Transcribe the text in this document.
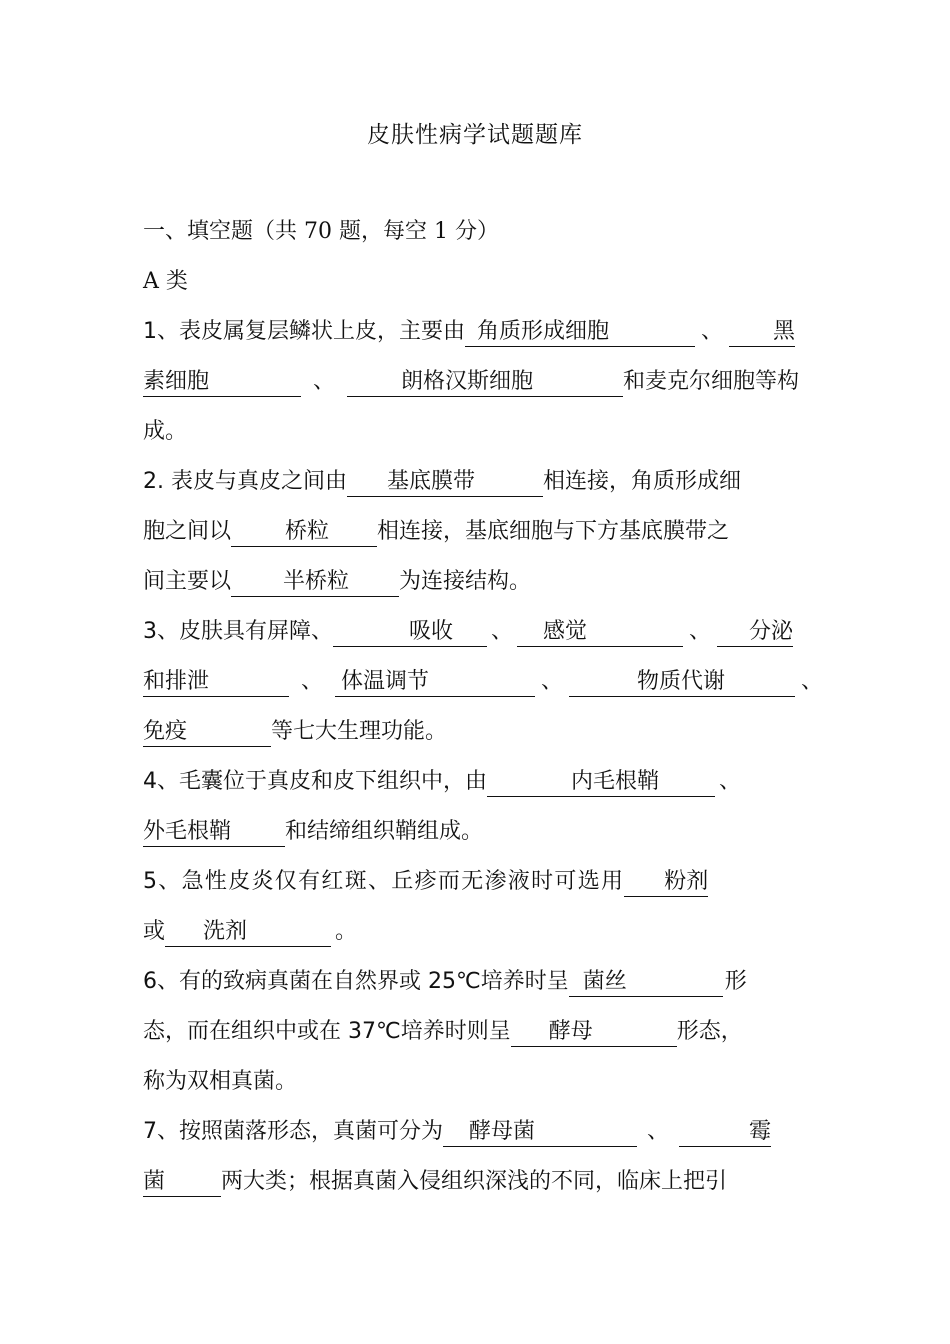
皮肤性病学试题题库
一、填空题（共 70 题，每空 1 分）
A 类
1、表皮属复层鳞状上皮，主要由 角质形成细胞	、 黑
素细胞	、	朗格汉斯细胞	和麦克尔细胞等构
成。
2. 表皮与真皮之间由 基底膜带	相连接，角质形成细
胞之间以 桥粒 相连接，基底细胞与下方基底膜带之
间主要以 半桥粒 为连接结构。
3、皮肤具有屏障、	吸收 、 感觉	、 分泌
和排泄	、 体温调节	、	物质代谢	、
免疫	等七大生理功能。
4、毛囊位于真皮和皮下组织中，由	内毛根鞘	、
外毛根鞘 和结缔组织鞘组成。
5、急性皮炎仅有红斑、丘疹而无渗液时可选用 粉剂
或 洗剂	。
6、有的致病真菌在自然界或 25℃培养时呈 菌丝	形
态，而在组织中或在 37℃培养时则呈 酵母	形态，
称为双相真菌。
7、按照菌落形态，真菌可分为 酵母菌	、	霉
菌	两大类；根据真菌入侵组织深浅的不同，临床上把引
